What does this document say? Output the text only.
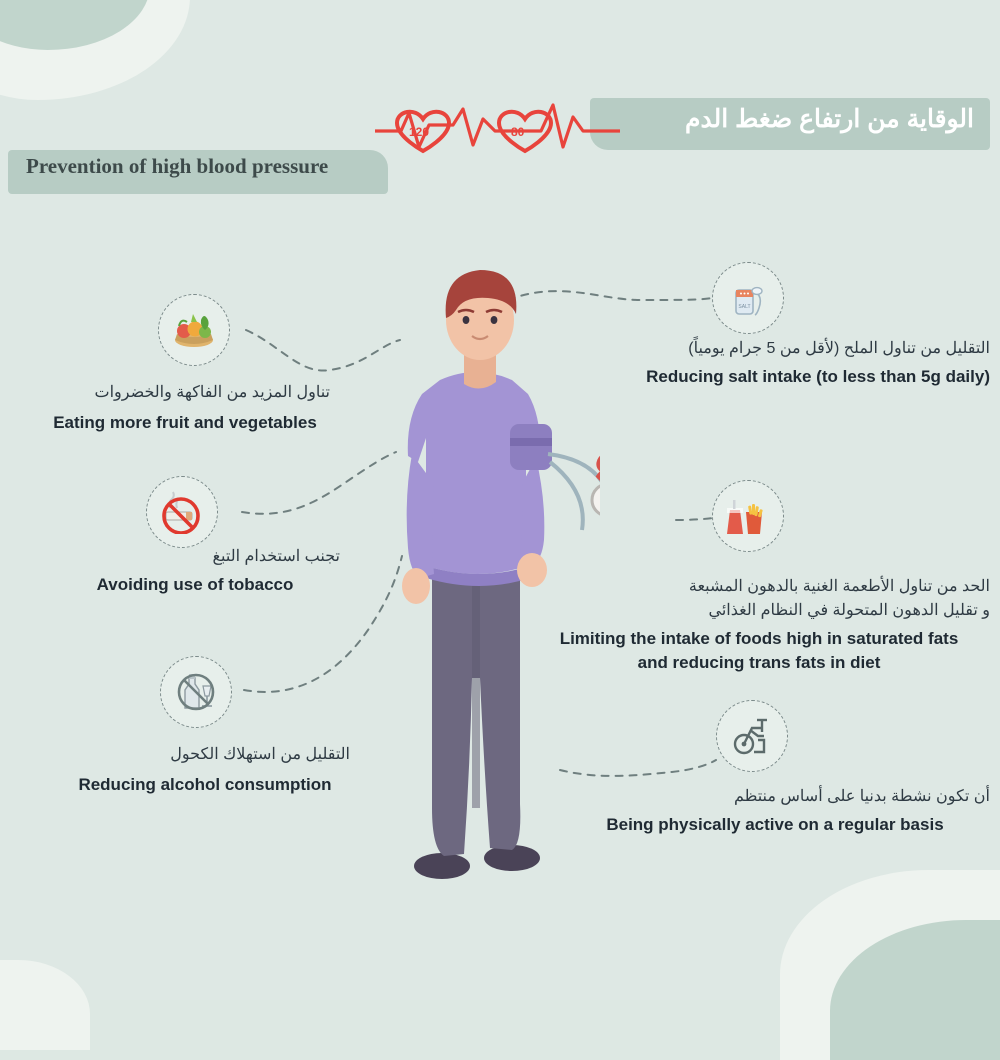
الوقاية من ارتفاع ضغط الدم
Prevention of high blood pressure
120	80
SALT
التقليل من تناول الملح (لأقل من 5 جرام يومياً)
Reducing salt intake (to less than 5g daily)
تناول المزيد من الفاكهة والخضروات
Eating more fruit and vegetables
تجنب استخدام التبغ
Avoiding use of tobacco	الحد من تناول الأطعمة الغنية بالدهون المشبعة
و تقليل الدهون المتحولة في النظام الغذائي
Limiting the intake of foods high in saturated fats
and reducing trans fats in diet
التقليل من استهلاك الكحول
Reducing alcohol consumption
أن تكون نشطة بدنيا على أساس منتظم
Being physically active on a regular basis
